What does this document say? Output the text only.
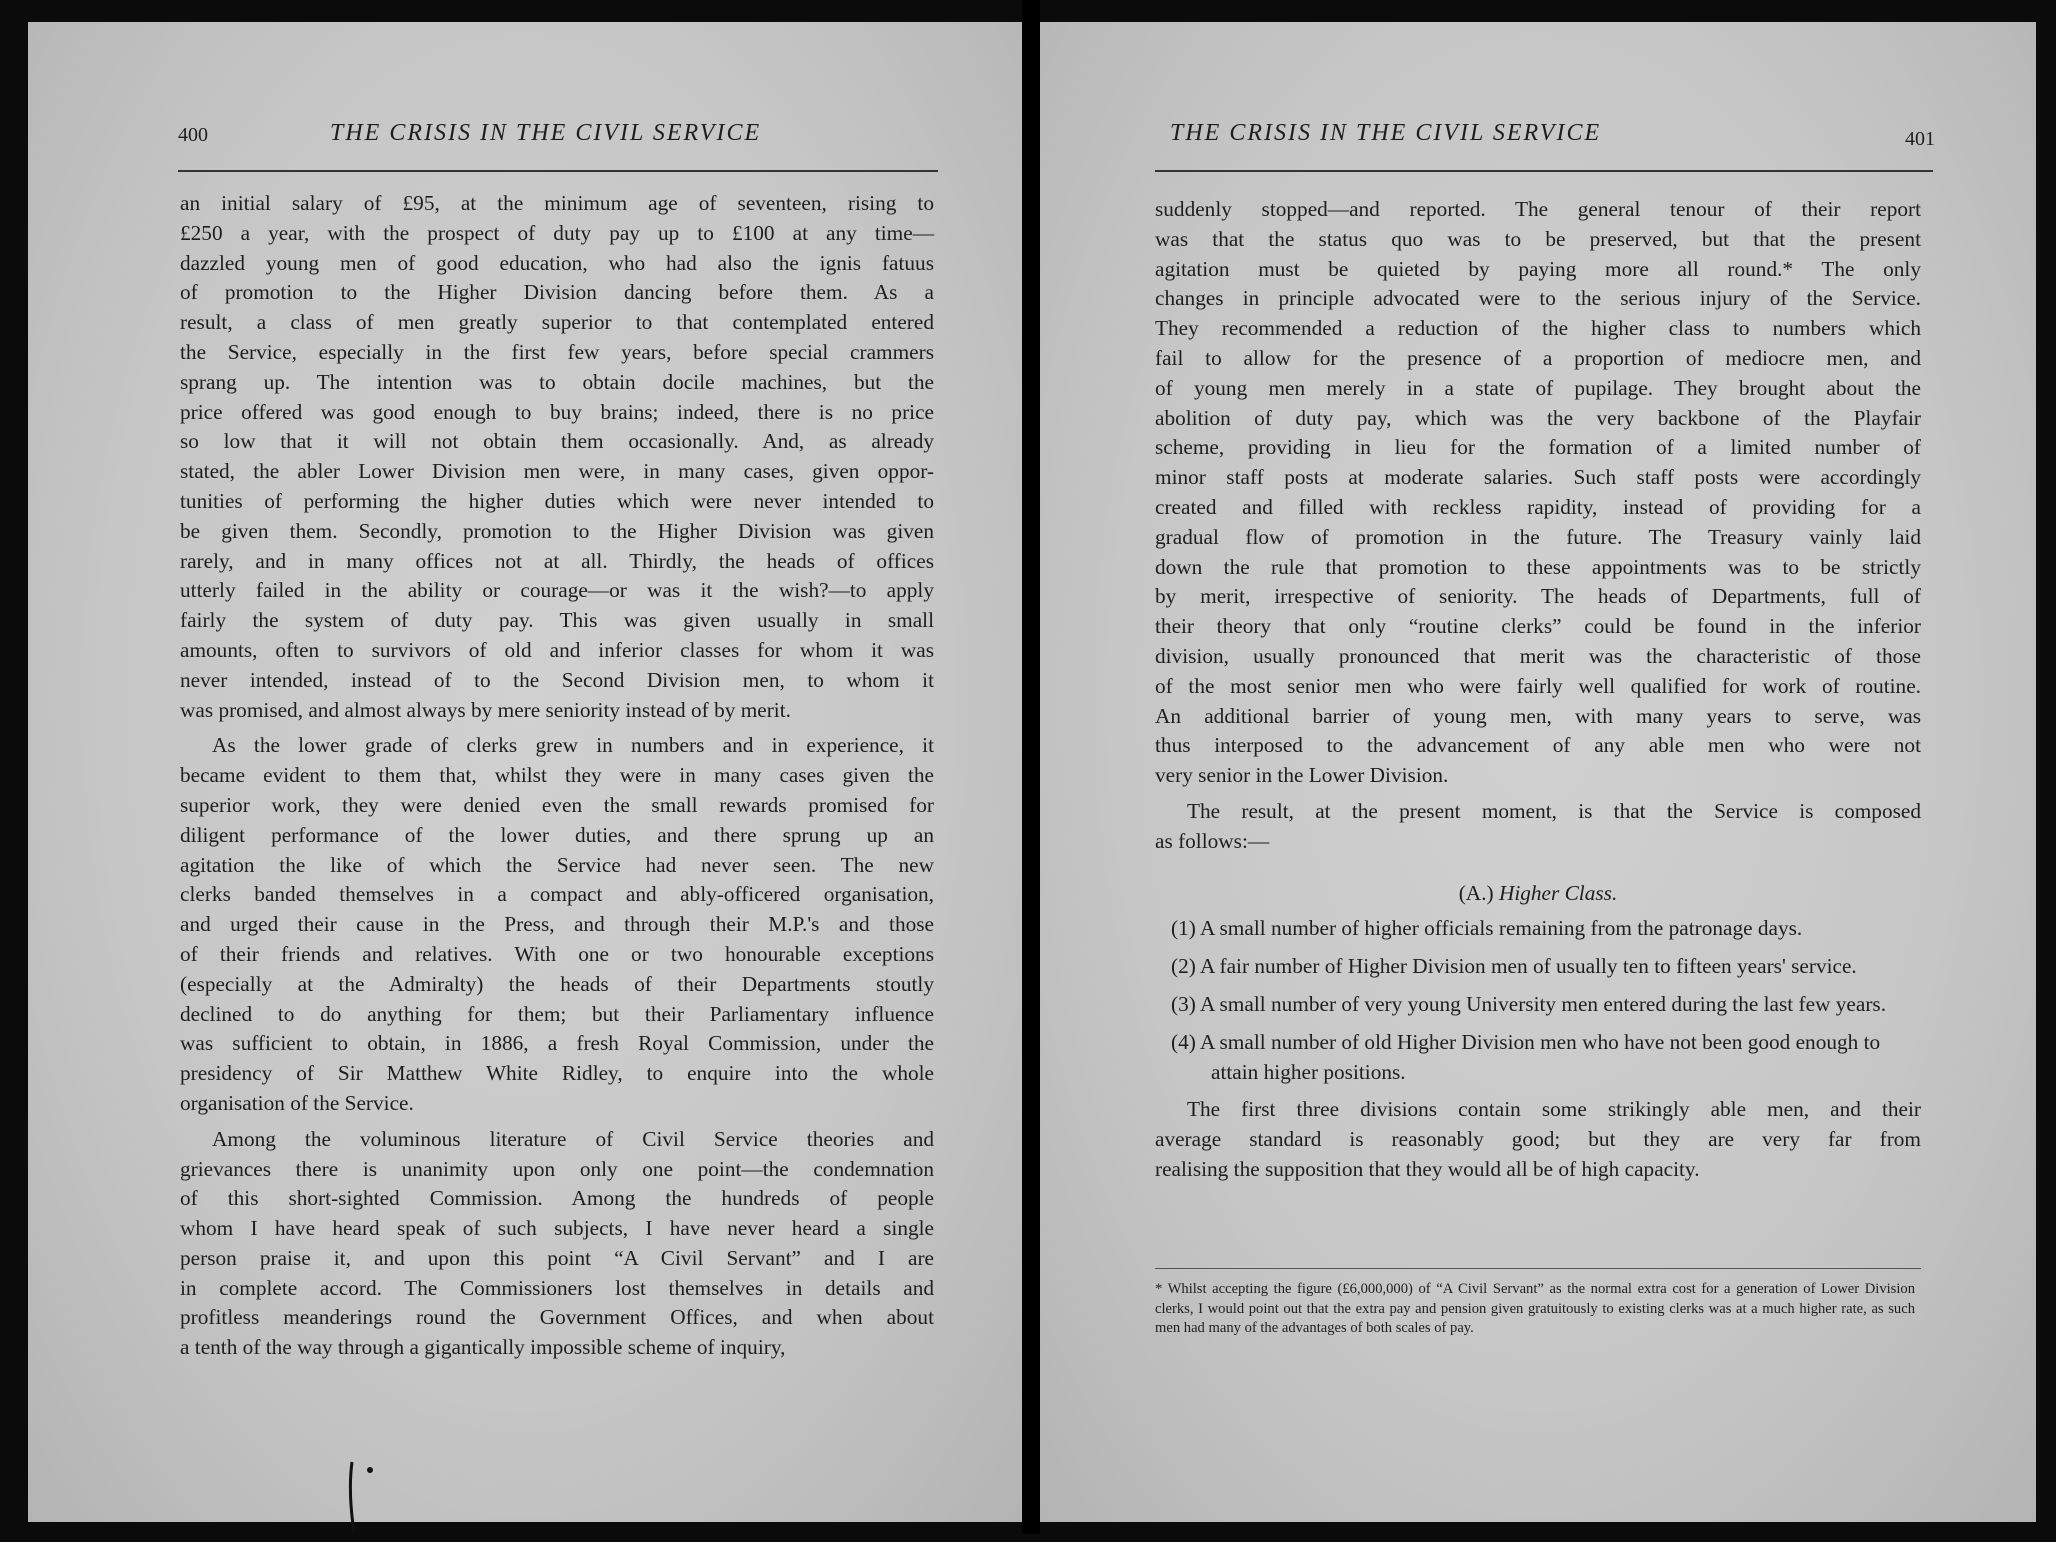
400	THE CRISIS IN THE CIVIL SERVICE

an initial salary of £95, at the minimum age of seventeen, rising to
£250 a year, with the prospect of duty pay up to £100 at any time—
dazzled young men of good education, who had also the ignis fatuus
of promotion to the Higher Division dancing before them. As a
result, a class of men greatly superior to that contemplated entered
the Service, especially in the first few years, before special crammers
sprang up. The intention was to obtain docile machines, but the
price offered was good enough to buy brains; indeed, there is no price
so low that it will not obtain them occasionally. And, as already
stated, the abler Lower Division men were, in many cases, given oppor-
tunities of performing the higher duties which were never intended to
be given them. Secondly, promotion to the Higher Division was given
rarely, and in many offices not at all. Thirdly, the heads of offices
utterly failed in the ability or courage—or was it the wish?—to apply
fairly the system of duty pay. This was given usually in small
amounts, often to survivors of old and inferior classes for whom it was
never intended, instead of to the Second Division men, to whom it
was promised, and almost always by mere seniority instead of by merit.

As the lower grade of clerks grew in numbers and in experience, it
became evident to them that, whilst they were in many cases given the
superior work, they were denied even the small rewards promised for
diligent performance of the lower duties, and there sprung up an
agitation the like of which the Service had never seen. The new
clerks banded themselves in a compact and ably-officered organisation,
and urged their cause in the Press, and through their M.P.'s and those
of their friends and relatives. With one or two honourable exceptions
(especially at the Admiralty) the heads of their Departments stoutly
declined to do anything for them; but their Parliamentary influence
was sufficient to obtain, in 1886, a fresh Royal Commission, under the
presidency of Sir Matthew White Ridley, to enquire into the whole
organisation of the Service.

Among the voluminous literature of Civil Service theories and
grievances there is unanimity upon only one point—the condemnation
of this short-sighted Commission. Among the hundreds of people
whom I have heard speak of such subjects, I have never heard a single
person praise it, and upon this point “A Civil Servant” and I are
in complete accord. The Commissioners lost themselves in details and
profitless meanderings round the Government Offices, and when about
a tenth of the way through a gigantically impossible scheme of inquiry,

THE CRISIS IN THE CIVIL SERVICE	401

suddenly stopped—and reported. The general tenour of their report
was that the status quo was to be preserved, but that the present
agitation must be quieted by paying more all round.* The only
changes in principle advocated were to the serious injury of the Service.
They recommended a reduction of the higher class to numbers which
fail to allow for the presence of a proportion of mediocre men, and
of young men merely in a state of pupilage. They brought about the
abolition of duty pay, which was the very backbone of the Playfair
scheme, providing in lieu for the formation of a limited number of
minor staff posts at moderate salaries. Such staff posts were accordingly
created and filled with reckless rapidity, instead of providing for a
gradual flow of promotion in the future. The Treasury vainly laid
down the rule that promotion to these appointments was to be strictly
by merit, irrespective of seniority. The heads of Departments, full of
their theory that only “routine clerks” could be found in the inferior
division, usually pronounced that merit was the characteristic of those
of the most senior men who were fairly well qualified for work of routine.
An additional barrier of young men, with many years to serve, was
thus interposed to the advancement of any able men who were not
very senior in the Lower Division.

The result, at the present moment, is that the Service is composed
as follows:—

(A.) Higher Class.

(1) A small number of higher officials remaining from the patronage days.

(2) A fair number of Higher Division men of usually ten to fifteen years' service.

(3) A small number of very young University men entered during the last few years.

(4) A small number of old Higher Division men who have not been good enough to attain higher positions.

The first three divisions contain some strikingly able men, and their
average standard is reasonably good; but they are very far from
realising the supposition that they would all be of high capacity.

* Whilst accepting the figure (£6,000,000) of “A Civil Servant” as the normal extra cost for a generation of Lower Division clerks, I would point out that the extra pay and pension given gratuitously to existing clerks was at a much higher rate, as such men had many of the advantages of both scales of pay.
